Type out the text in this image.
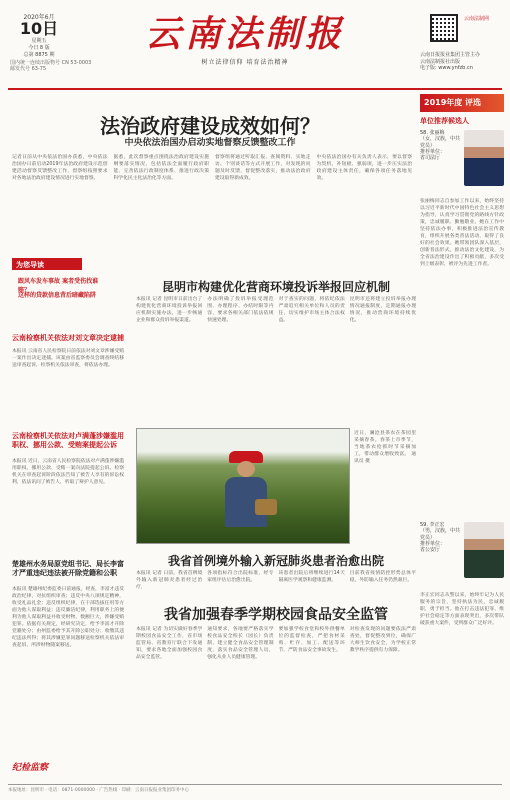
2020年6月
10日
星期五
今日 8 版
总第 8875 期
国内统一连续出版物号 CN 53-0003
邮发代号 63-75
云南法制报
树立法律信仰 培育法治精神
云南法制网

云南日报报业集团主管主办
云南法制报社出版

电子版: www.ynfzb.cn

法治政府建设成效如何？
中央依法治国办启动实地督察反馈整改工作
记者日前从中央依法治国办获悉，中央依法治国办日前启动2019年法治政府建设示范创建活动督察反馈整改工作，督察组按照要求对各地法治政府建设情况进行实地督察。
据悉，此次督察重点围绕法治政府建设实施纲要落实情况，包括依法全面履行政府职能、完善依法行政制度体系、推进行政决策科学化民主化法治化等方面。
督察组将通过听取汇报、查阅资料、实地走访、个别谈话等方式开展工作，对发现的问题及时反馈，督促整改落实，推动法治政府建设取得新成效。
中央依法治国办有关负责人表示，要以督察为契机，补短板、强弱项，进一步压实法治政府建设主体责任，确保各项任务落地见效。
为您导读
跟风车发车事故 案者受伤找谁赔？
这样的贷款信息背后暗藏陷阱
云南检察机关依法对刘文章决定逮捕
本报讯 云南省人民检察院日前依法对刘文章涉嫌受贿一案作出决定逮捕。该案由省监察委员会调查终结移送审查起诉，检察机关依法审查，将依法办理。
云南检察机关依法对卢满蓬涉嫌滥用职权、挪用公款、受贿案提起公诉
本报讯 近日，云南省人民检察院依法对卢满蓬涉嫌滥用职权、挪用公款、受贿一案向法院提起公诉。检察机关在审查起诉阶段依法告知了被告人享有的诉讼权利，依法讯问了被告人，听取了辩护人意见。
楚雄州水务局原党组书记、局长李富才严重违纪违法被开除党籍和公职
本报讯 楚雄州纪委监委日前通报，经查，李富才违反政治纪律，对抗组织审查；违反中央八项规定精神，收受礼品礼金；违反组织纪律，在干部选拔任用等方面为他人谋取利益；违反廉洁纪律，利用职务上的便利为他人谋取利益并收受财物，数额巨大，涉嫌受贿犯罪。依据有关规定，经研究决定，给予李富才开除党籍处分；由州监委给予其开除公职处分；收缴其违纪违法所得；将其涉嫌犯罪问题移送检察机关依法审查起诉，所涉财物随案移送。
纪检监察
昆明市构建优化营商环境投诉举报回应机制
本报讯 记者 昆明市日前出台了构建优化营商环境投诉举报回应机制实施办法，进一步畅通企业和群众投诉举报渠道。
办法明确了投诉举报受理范围、办理程序、办结时限等内容，要求各相关部门依法依规快速处理。
对于查实的问题，将依纪依法严肃追究相关单位和人员的责任，切实维护市场主体合法权益。
昆明市还将建立投诉举报办理情况通报制度，定期通报办理情况，推动营商环境持续优化。
近日，澜沧县茶农在茶园里采摘春茶。春茶上市季节，当地茶农抢抓时节采摘加工，带动群众增收致富。 通讯员 摄
我省首例境外输入新冠肺炎患者治愈出院
本报讯 记者 日前，我省首例境外输入新冠肺炎患者经过治疗，
各项指标符合出院标准，经专家组评估后治愈出院。
该患者出院后将继续进行14天隔离医学观察和健康监测。
目前我省疫情防控形势总体平稳，外防输入任务仍然艰巨。
我省加强春季学期校园食品安全监管
本报讯 记者 为切实做好春季学期校园食品安全工作，省市场监管局、省教育厅联合下发通知，要求各地全面加强校园食品安全监管。
通知要求，各地要严格落实学校食品安全校长（园长）负责制，建立健全食品安全管理制度，落实食品安全管理人员，强化从业人员健康管理。
要加强学校食堂和校外供餐单位的监督检查，严把食材采购、贮存、加工、配送等环节，严防食品安全事故发生。
对检查发现的问题要依法严肃查处，督促整改到位，确保广大师生饮食安全，为学校正常教学秩序提供有力保障。
2019年度 评选
单位推荐候选人
58. 张丽梅
（女，汉族，中共党员）
推荐单位：
省司法厅
张丽梅同志自参加工作以来，始终坚持以习近平新时代中国特色社会主义思想为指导，认真学习贯彻党的路线方针政策，忠诚履职、勤勉敬业。她在工作中坚持依法办事，积极推进法治宣传教育，组织开展各类普法活动，取得了良好的社会效果。她带领团队深入基层，创新普法形式，推动法治文化建设，为全省法治建设作出了积极贡献，多次受到上级表彰，被评为先进工作者。
59. 李正宏
（男，汉族，中共党员）
推荐单位：
省公安厅
李正宏同志从警以来，始终牢记为人民服务的宗旨，坚持执法为民，忠诚履职，勇于担当。他在打击违法犯罪、维护社会稳定等方面表现突出，多次带队破获重大案件，受到群众广泛好评。
本报地址：昆明市 · 电话：0871-0000000 · 广告热线 · 印刷：云南日报报业集团印务中心
